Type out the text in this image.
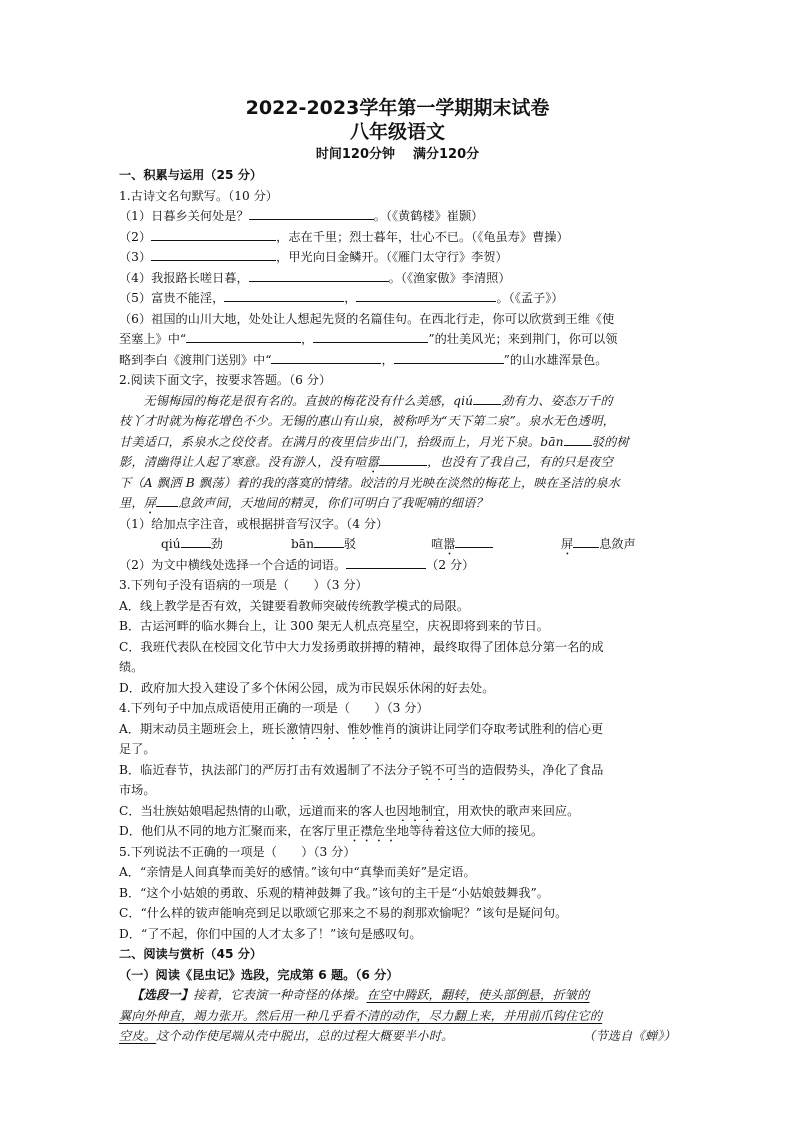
2022-2023学年第一学期期末试卷
八年级语文
时间120分钟 满分120分
一、积累与运用（25 分）
1.古诗文名句默写。（10 分）
（1）日暮乡关何处是？	。（《黄鹤楼》崔颢）
（2）	，志在千里；烈士暮年，壮心不已。（《龟虽寿》曹操）
（3）	，甲光向日金鳞开。（《雁门太守行》李贺）
（4）我报路长嗟日暮，	。（《渔家傲》李清照）
（5）富贵不能淫，	，	。（《孟子》）
（6）祖国的山川大地，处处让人想起先贤的名篇佳句。在西北行走，你可以欣赏到王维《使
至塞上》中“	，	”的壮美风光；来到荆门，你可以领
略到李白《渡荆门送别》中“	，	”的山水雄浑景色。
2.阅读下面文字，按要求答题。（6 分）
无锡梅园的梅花是很有名的。直披的梅花没有什么美感，qiú 劲有力、姿态万千的
枝丫才时就为梅花增色不少。无锡的惠山有山泉，被称呼为“天下第二泉”。泉水无色透明，
甘美适口，系泉水之佼佼者。在满月的夜里信步出门，拾级而上，月光下泉。bān 驳的树
影，清幽得让人起了寒意。没有游人，没有喧嚣	，也没有了我自己，有的只是夜空
下（A 飘洒 B 飘荡）着的我的落寞的情绪。皎洁的月光映在淡然的梅花上，映在圣洁的泉水
里，屏 息敛声间，天地间的精灵，你们可明白了我呢喃的细语？
（1）给加点字注音，或根据拼音写汉字。（4 分）
qiú 劲	bān 驳	喧嚣	屏 息敛声
（2）为文中横线处选择一个合适的词语。	（2 分）
3.下列句子没有语病的一项是（　　）（3 分）
A．线上教学是否有效，关键要看教师突破传统教学模式的局限。
B．古运河畔的临水舞台上，让 300 架无人机点亮星空，庆祝即将到来的节日。
C．我班代表队在校园文化节中大力发扬勇敢拼搏的精神，最终取得了团体总分第一名的成
绩。
D．政府加大投入建设了多个休闲公园，成为市民娱乐休闲的好去处。
4.下列句子中加点成语使用正确的一项是（　　）（3 分）
A．期末动员主题班会上，班长激情四射、惟妙惟肖的演讲让同学们夺取考试胜利的信心更
足了。
B．临近春节，执法部门的严厉打击有效遏制了不法分子锐不可当的造假势头，净化了食品
市场。
C．当壮族姑娘唱起热情的山歌，远道而来的客人也因地制宜，用欢快的歌声来回应。
D．他们从不同的地方汇聚而来，在客厅里正襟危坐地等待着这位大师的接见。
5.下列说法不正确的一项是（　　）（3 分）
A．“亲情是人间真挚而美好的感情。”该句中“真挚而美好”是定语。
B．“这个小姑娘的勇敢、乐观的精神鼓舞了我。”该句的主干是“小姑娘鼓舞我”。
C．“什么样的钹声能响亮到足以歌颂它那来之不易的刹那欢愉呢？”该句是疑问句。
D．“了不起，你们中国的人才太多了！”该句是感叹句。
二、阅读与赏析（45 分）
（一）阅读《昆虫记》选段，完成第 6 题。（6 分）
【选段一】接着，它表演一种奇怪的体操。在空中腾跃，翻转，使头部倒悬，折皱的
翼向外伸直，竭力张开。然后用一种几乎看不清的动作，尽力翻上来，并用前爪钩住它的
空皮。这个动作使尾端从壳中脱出，总的过程大概要半小时。	（节选自《蝉》）
